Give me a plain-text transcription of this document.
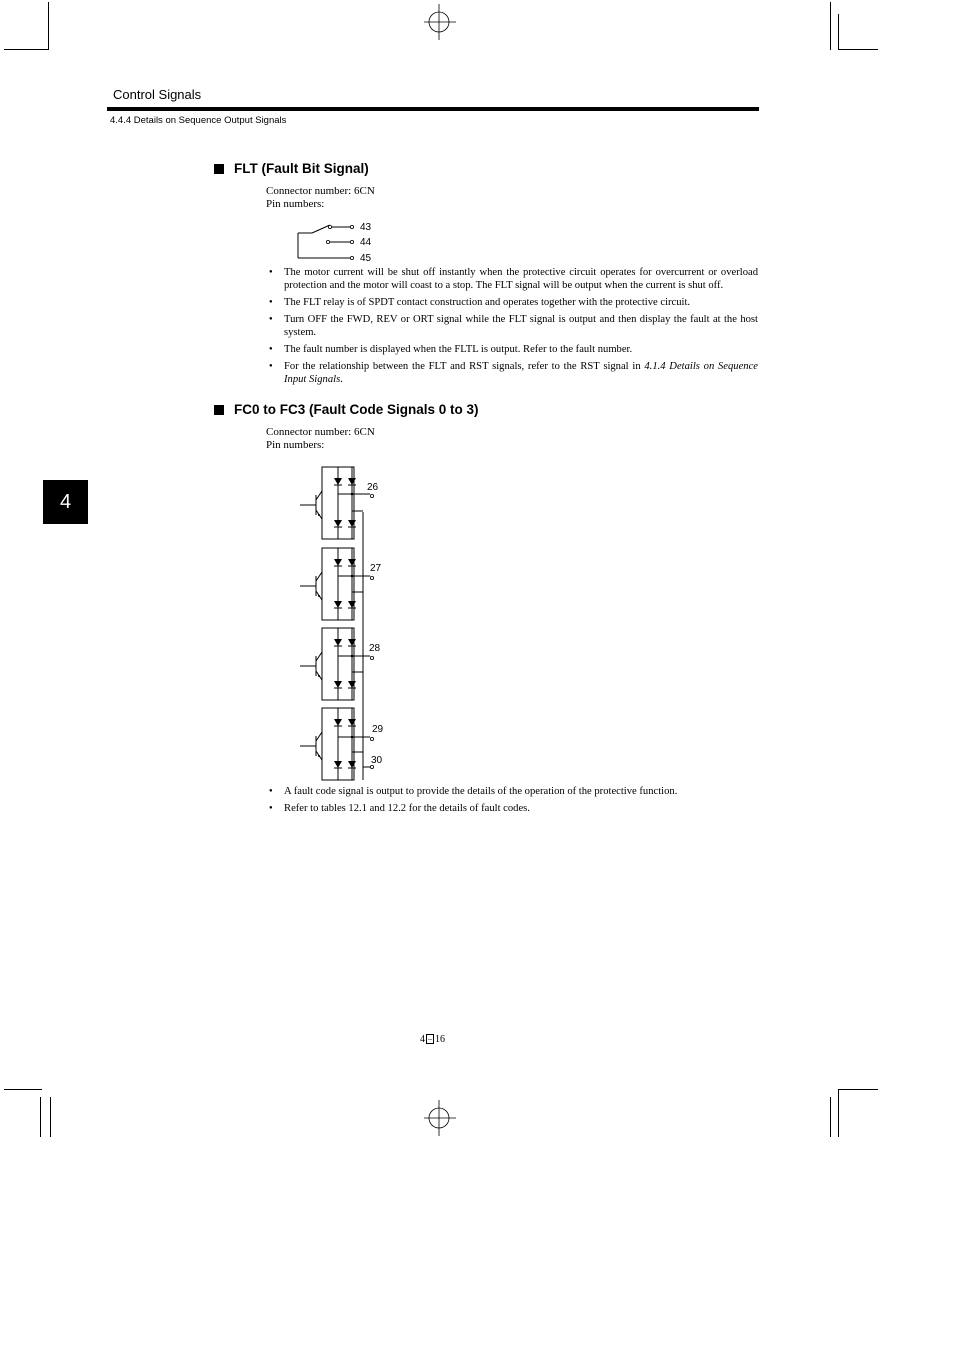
Control Signals
4.4.4 Details on Sequence Output Signals
4
FLT (Fault Bit Signal)
Connector number: 6CN
Pin numbers:
43
44
45
● The motor current will be shut off instantly when the protective circuit operates for overcurrent or overload protection and the motor will coast to a stop. The FLT signal will be output when the current is shut off.
● The FLT relay is of SPDT contact construction and operates together with the protective circuit.
● Turn OFF the FWD, REV or ORT signal while the FLT signal is output and then display the fault at the host system.
● The fault number is displayed when the FLTL is output. Refer to the fault number.
● For the relationship between the FLT and RST signals, refer to the RST signal in 4.1.4 Details on Sequence Input Signals.
FC0 to FC3 (Fault Code Signals 0 to 3)
Connector number: 6CN
Pin numbers:
26
27
28
29
30
● A fault code signal is output to provide the details of the operation of the protective function.
● Refer to tables 12.1 and 12.2 for the details of fault codes.
4 – 16
